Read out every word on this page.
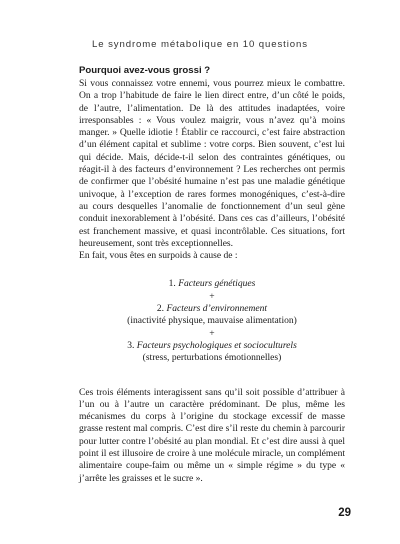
Le syndrome métabolique en 10 questions
Pourquoi avez-vous grossi ?

Si vous connaissez votre ennemi, vous pourrez mieux le combattre. On a trop l’habitude de faire le lien direct entre, d’un côté le poids, de l’autre, l’alimentation. De là des attitudes inadaptées, voire irresponsables : « Vous voulez maigrir, vous n’avez qu’à moins manger. » Quelle idiotie ! Établir ce raccourci, c’est faire abstraction d’un élément capital et sublime : votre corps. Bien souvent, c’est lui qui décide. Mais, décide-t-il selon des contraintes génétiques, ou réagit-il à des facteurs d’environnement ? Les recherches ont permis de confirmer que l’obésité humaine n’est pas une maladie génétique univoque, à l’exception de rares formes monogéniques, c’est-à-dire au cours desquelles l’anomalie de fonctionnement d’un seul gène conduit inexorablement à l’obésité. Dans ces cas d’ailleurs, l’obésité est franchement massive, et quasi incontrôlable. Ces situations, fort heureusement, sont très exceptionnelles.

En fait, vous êtes en surpoids à cause de :

1. Facteurs génétiques
+
2. Facteurs d’environnement
(inactivité physique, mauvaise alimentation)
+
3. Facteurs psychologiques et socioculturels
(stress, perturbations émotionnelles)

Ces trois éléments interagissent sans qu’il soit possible d’attribuer à l’un ou à l’autre un caractère prédominant. De plus, même les mécanismes du corps à l’origine du stockage excessif de masse grasse restent mal compris. C’est dire s’il reste du chemin à parcourir pour lutter contre l’obésité au plan mondial. Et c’est dire aussi à quel point il est illusoire de croire à une molécule miracle, un complément alimentaire coupe-faim ou même un « simple régime » du type « j’arrête les graisses et le sucre ».

29
